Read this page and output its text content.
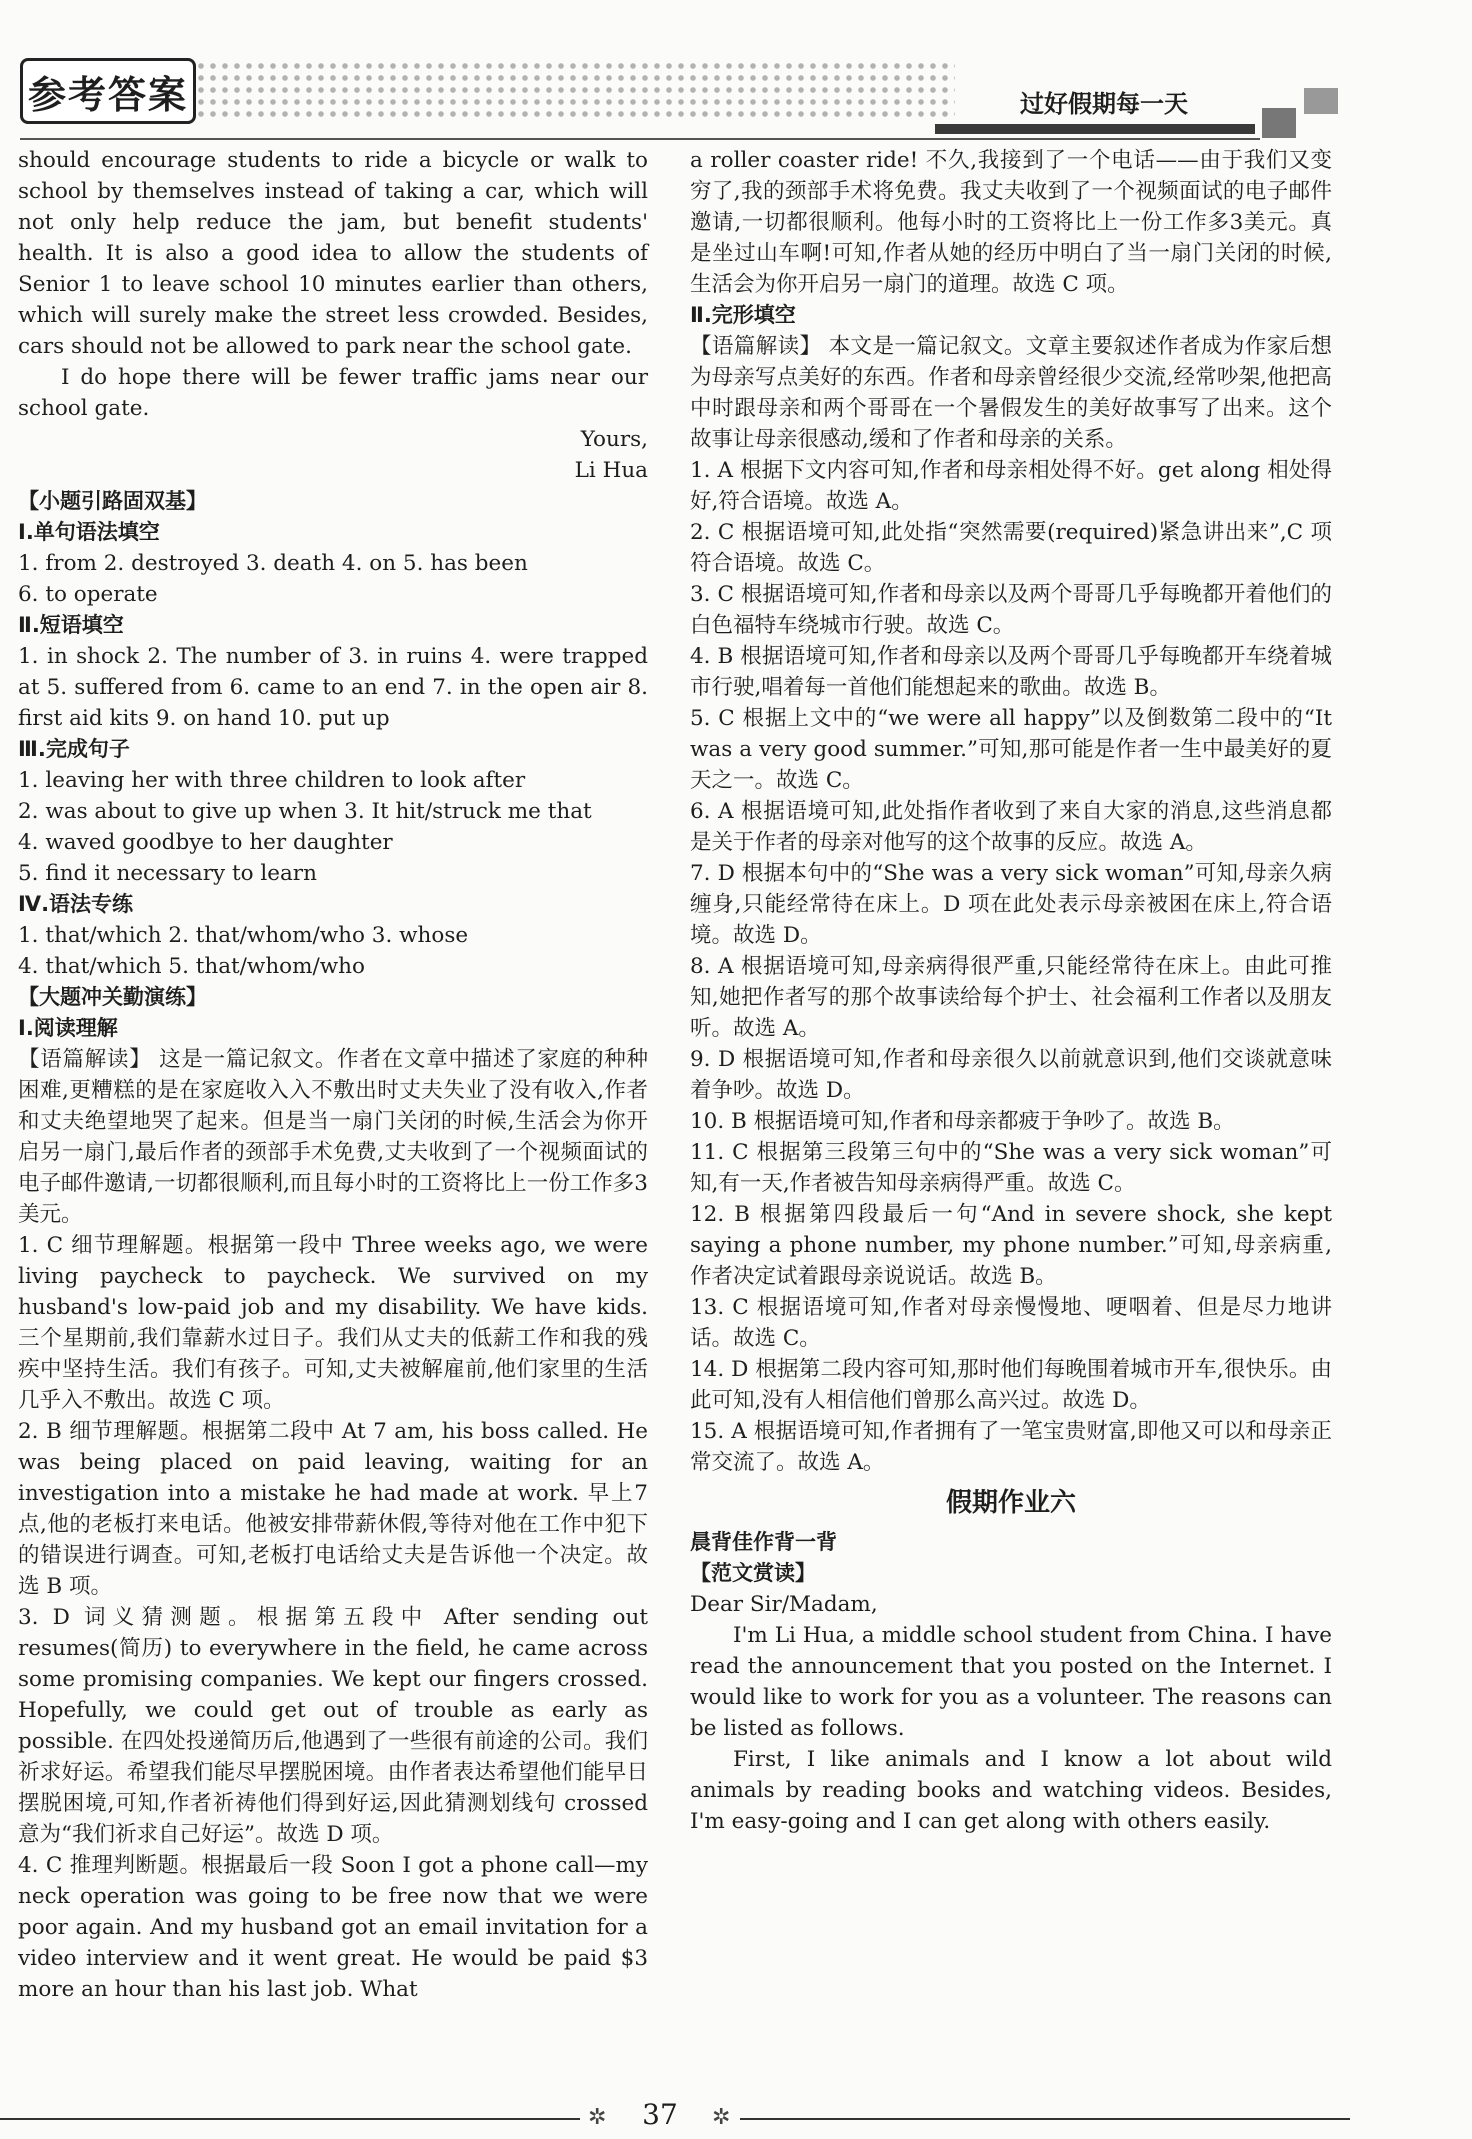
参考答案	过好假期每一天

should encourage students to ride a bicycle or walk to school by themselves instead of taking a car, which will not only help reduce the jam, but benefit students' health. It is also a good idea to allow the students of Senior 1 to leave school 10 minutes earlier than others, which will surely make the street less crowded. Besides, cars should not be allowed to park near the school gate.

I do hope there will be fewer traffic jams near our school gate.

Yours,

Li Hua

【小题引路固双基】

Ⅰ.单句语法填空

1. from 2. destroyed 3. death 4. on 5. has been

6. to operate

Ⅱ.短语填空

1. in shock 2. The number of 3. in ruins 4. were trapped at 5. suffered from 6. came to an end 7. in the open air 8. first aid kits 9. on hand 10. put up

Ⅲ.完成句子

1. leaving her with three children to look after

2. was about to give up when 3. It hit/struck me that

4. waved goodbye to her daughter

5. find it necessary to learn

Ⅳ.语法专练

1. that/which 2. that/whom/who 3. whose

4. that/which 5. that/whom/who

【大题冲关勤演练】

Ⅰ.阅读理解

【语篇解读】 这是一篇记叙文。作者在文章中描述了家庭的种种困难,更糟糕的是在家庭收入入不敷出时丈夫失业了没有收入,作者和丈夫绝望地哭了起来。但是当一扇门关闭的时候,生活会为你开启另一扇门,最后作者的颈部手术免费,丈夫收到了一个视频面试的电子邮件邀请,一切都很顺利,而且每小时的工资将比上一份工作多3美元。

1. C 细节理解题。根据第一段中 Three weeks ago, we were living paycheck to paycheck. We survived on my husband's low-paid job and my disability. We have kids. 三个星期前,我们靠薪水过日子。我们从丈夫的低薪工作和我的残疾中坚持生活。我们有孩子。可知,丈夫被解雇前,他们家里的生活几乎入不敷出。故选 C 项。

2. B 细节理解题。根据第二段中 At 7 am, his boss called. He was being placed on paid leaving, waiting for an investigation into a mistake he had made at work. 早上7点,他的老板打来电话。他被安排带薪休假,等待对他在工作中犯下的错误进行调查。可知,老板打电话给丈夫是告诉他一个决定。故选 B 项。

3. D 词义猜测题。根据第五段中 After sending out resumes(简历) to everywhere in the field, he came across some promising companies. We kept our fingers crossed. Hopefully, we could get out of trouble as early as possible. 在四处投递简历后,他遇到了一些很有前途的公司。我们祈求好运。希望我们能尽早摆脱困境。由作者表达希望他们能早日摆脱困境,可知,作者祈祷他们得到好运,因此猜测划线句 crossed 意为“我们祈求自己好运”。故选 D 项。

4. C 推理判断题。根据最后一段 Soon I got a phone call—my neck operation was going to be free now that we were poor again. And my husband got an email invitation for a video interview and it went great. He would be paid $3 more an hour than his last job. What

a roller coaster ride! 不久,我接到了一个电话——由于我们又变穷了,我的颈部手术将免费。我丈夫收到了一个视频面试的电子邮件邀请,一切都很顺利。他每小时的工资将比上一份工作多3美元。真是坐过山车啊!可知,作者从她的经历中明白了当一扇门关闭的时候,生活会为你开启另一扇门的道理。故选 C 项。

Ⅱ.完形填空

【语篇解读】 本文是一篇记叙文。文章主要叙述作者成为作家后想为母亲写点美好的东西。作者和母亲曾经很少交流,经常吵架,他把高中时跟母亲和两个哥哥在一个暑假发生的美好故事写了出来。这个故事让母亲很感动,缓和了作者和母亲的关系。

1. A 根据下文内容可知,作者和母亲相处得不好。get along 相处得好,符合语境。故选 A。

2. C 根据语境可知,此处指“突然需要(required)紧急讲出来”,C 项符合语境。故选 C。

3. C 根据语境可知,作者和母亲以及两个哥哥几乎每晚都开着他们的白色福特车绕城市行驶。故选 C。

4. B 根据语境可知,作者和母亲以及两个哥哥几乎每晚都开车绕着城市行驶,唱着每一首他们能想起来的歌曲。故选 B。

5. C 根据上文中的“we were all happy”以及倒数第二段中的“It was a very good summer.”可知,那可能是作者一生中最美好的夏天之一。故选 C。

6. A 根据语境可知,此处指作者收到了来自大家的消息,这些消息都是关于作者的母亲对他写的这个故事的反应。故选 A。

7. D 根据本句中的“She was a very sick woman”可知,母亲久病缠身,只能经常待在床上。D 项在此处表示母亲被困在床上,符合语境。故选 D。

8. A 根据语境可知,母亲病得很严重,只能经常待在床上。由此可推知,她把作者写的那个故事读给每个护士、社会福利工作者以及朋友听。故选 A。

9. D 根据语境可知,作者和母亲很久以前就意识到,他们交谈就意味着争吵。故选 D。

10. B 根据语境可知,作者和母亲都疲于争吵了。故选 B。

11. C 根据第三段第三句中的“She was a very sick woman”可知,有一天,作者被告知母亲病得严重。故选 C。

12. B 根据第四段最后一句“And in severe shock, she kept saying a phone number, my phone number.”可知,母亲病重,作者决定试着跟母亲说说话。故选 B。

13. C 根据语境可知,作者对母亲慢慢地、哽咽着、但是尽力地讲话。故选 C。

14. D 根据第二段内容可知,那时他们每晚围着城市开车,很快乐。由此可知,没有人相信他们曾那么高兴过。故选 D。

15. A 根据语境可知,作者拥有了一笔宝贵财富,即他又可以和母亲正常交流了。故选 A。

假期作业六

晨背佳作背一背

【范文赏读】

Dear Sir/Madam,

I'm Li Hua, a middle school student from China. I have read the announcement that you posted on the Internet. I would like to work for you as a volunteer. The reasons can be listed as follows.

First, I like animals and I know a lot about wild animals by reading books and watching videos. Besides, I'm easy-going and I can get along with others easily.

✲	37	✲
